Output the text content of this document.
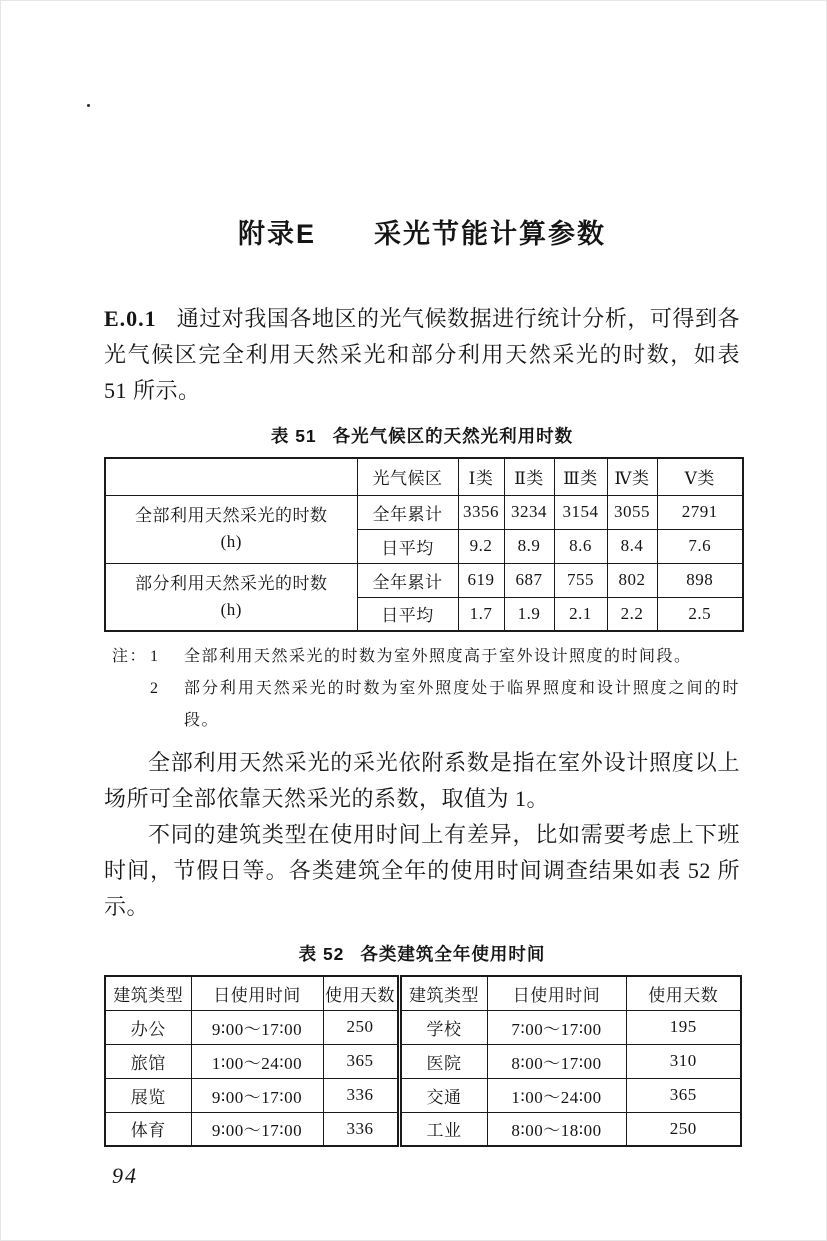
附录E　　采光节能计算参数

E.0.1 通过对我国各地区的光气候数据进行统计分析，可得到各光气候区完全利用天然采光和部分利用天然采光的时数，如表 51 所示。

表 51 各光气候区的天然光利用时数
	光气候区	Ⅰ类	Ⅱ类	Ⅲ类	Ⅳ类	Ⅴ类

全部利用天然采光的时数
(h)	全年累计	3356	3234	3154	3055	2791
	日平均	9.2	8.9	8.6	8.4	7.6

部分利用天然采光的时数
(h)	全年累计	619	687	755	802	898
	日平均	1.7	1.9	2.1	2.2	2.5
注： 1 全部利用天然采光的时数为室外照度高于室外设计照度的时间段。
2 部分利用天然采光的时数为室外照度处于临界照度和设计照度之间的时段。

全部利用天然采光的采光依附系数是指在室外设计照度以上场所可全部依靠天然采光的系数，取值为 1。

不同的建筑类型在使用时间上有差异，比如需要考虑上下班时间，节假日等。各类建筑全年的使用时间调查结果如表 52 所示。

表 52 各类建筑全年使用时间
建筑类型	日使用时间	使用天数	建筑类型	日使用时间	使用天数
办公	9∶00～17∶00	250	学校	7∶00～17∶00	195
旅馆	1∶00～24∶00	365	医院	8∶00～17∶00	310
展览	9∶00～17∶00	336	交通	1∶00～24∶00	365
体育	9∶00～17∶00	336	工业	8∶00～18∶00	250
94
